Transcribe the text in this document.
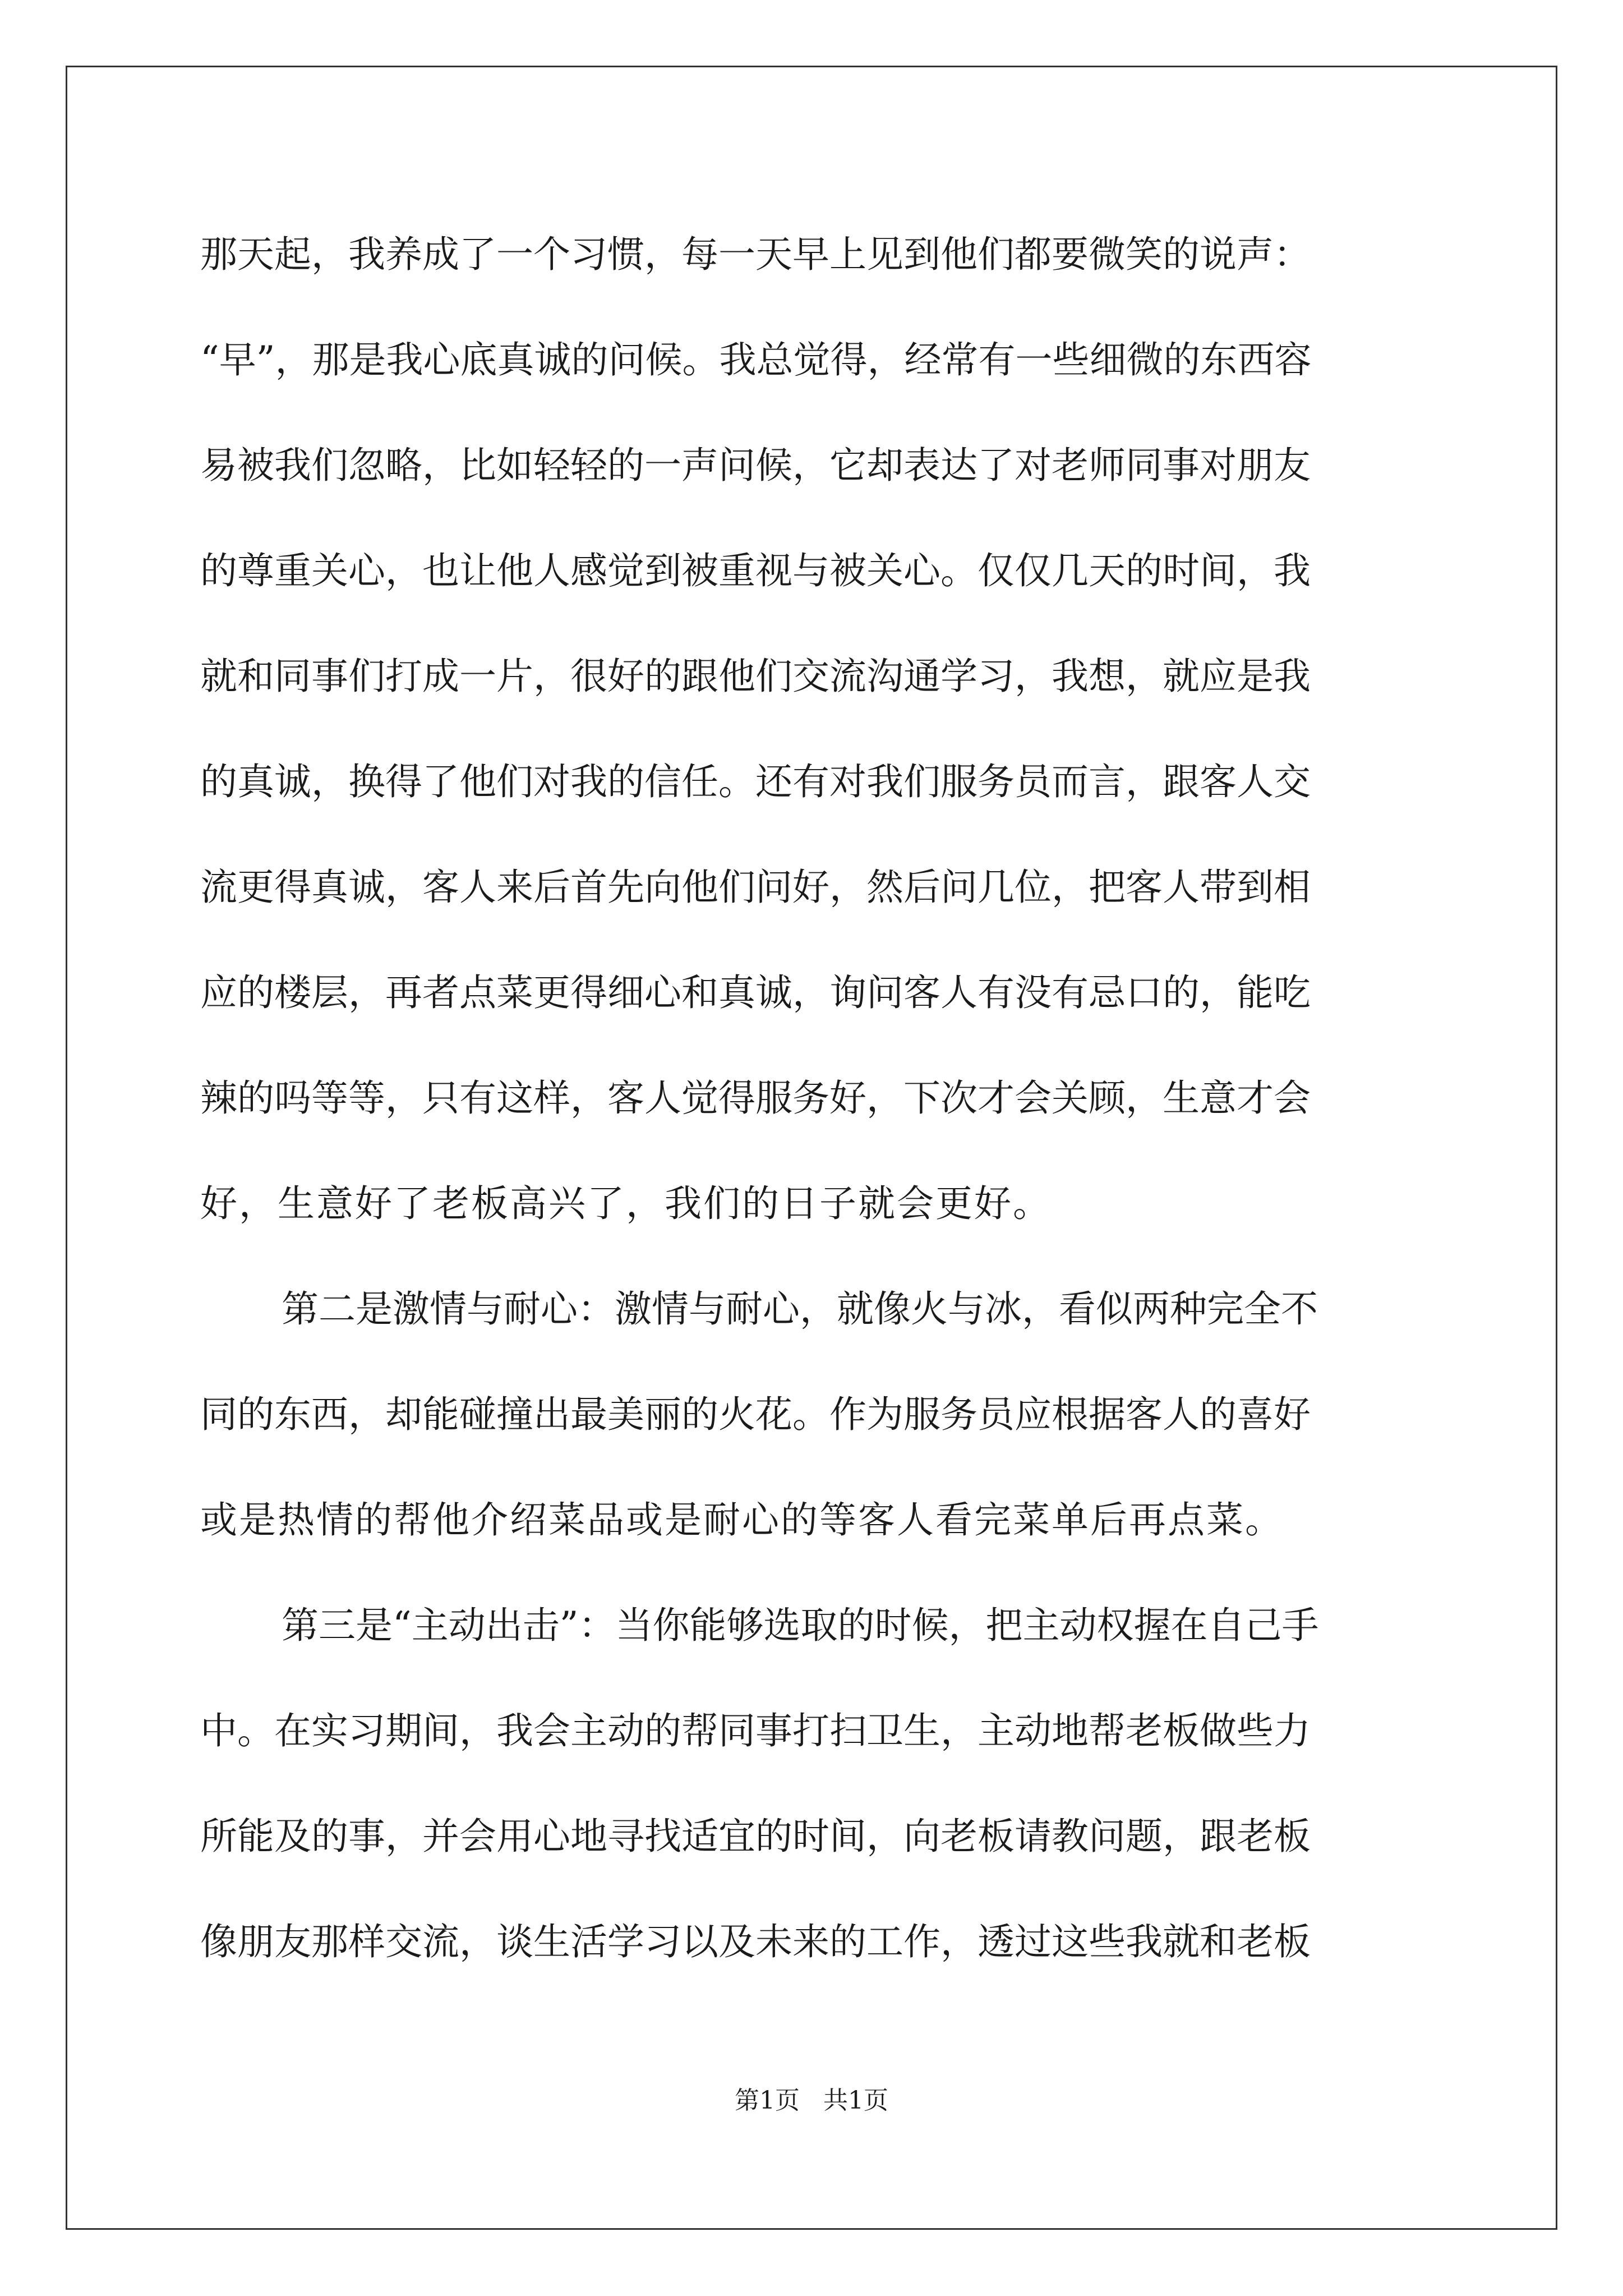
那天起，我养成了一个习惯，每一天早上见到他们都要微笑的说声：
“早”，那是我心底真诚的问候。我总觉得，经常有一些细微的东西容
易被我们忽略，比如轻轻的一声问候，它却表达了对老师同事对朋友
的尊重关心，也让他人感觉到被重视与被关心。仅仅几天的时间，我
就和同事们打成一片，很好的跟他们交流沟通学习，我想，就应是我
的真诚，换得了他们对我的信任。还有对我们服务员而言，跟客人交
流更得真诚，客人来后首先向他们问好，然后问几位，把客人带到相
应的楼层，再者点菜更得细心和真诚，询问客人有没有忌口的，能吃
辣的吗等等，只有这样，客人觉得服务好，下次才会关顾，生意才会
好，生意好了老板高兴了，我们的日子就会更好。
第二是激情与耐心：激情与耐心，就像火与冰，看似两种完全不
同的东西，却能碰撞出最美丽的火花。作为服务员应根据客人的喜好
或是热情的帮他介绍菜品或是耐心的等客人看完菜单后再点菜。
第三是“主动出击”：当你能够选取的时候，把主动权握在自己手
中。在实习期间，我会主动的帮同事打扫卫生，主动地帮老板做些力
所能及的事，并会用心地寻找适宜的时间，向老板请教问题，跟老板
像朋友那样交流，谈生活学习以及未来的工作，透过这些我就和老板
第1页   共1页
